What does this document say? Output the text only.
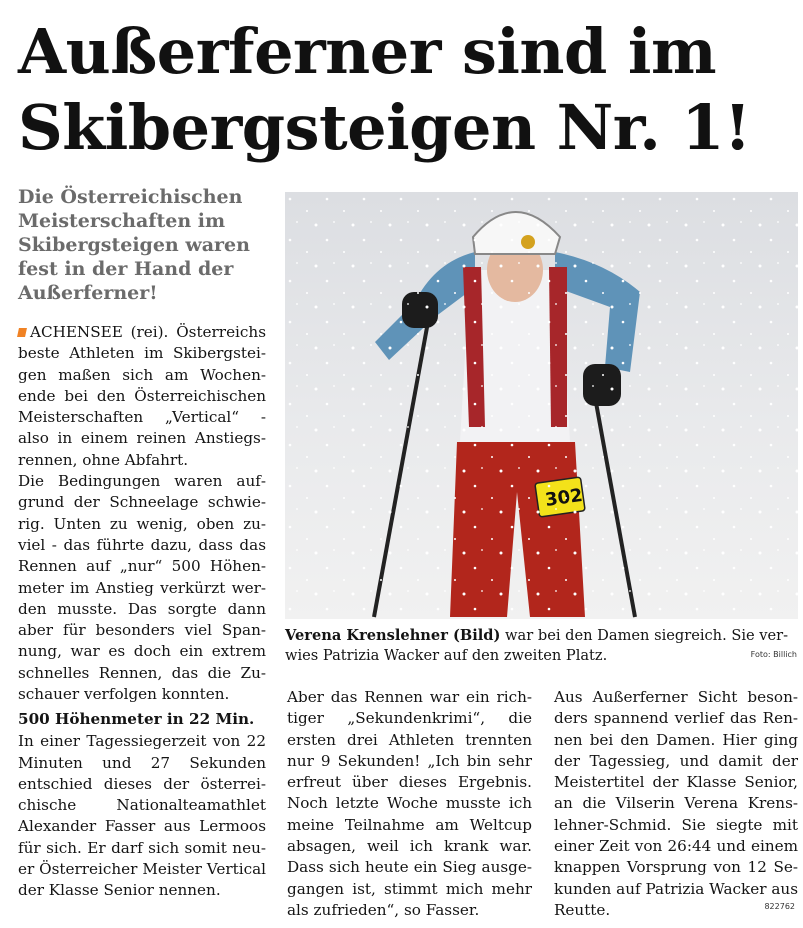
Außerferner sind im
Skibergsteigen Nr. 1!
Die Österreichischen
Meisterschaften im
Skibergsteigen waren
fest in der Hand der
Außerferner!
ACHENSEE (rei). Österreichs beste Athleten im Skibergsteigen maßen sich am Wochenende bei den Österreichischen Meisterschaften „Vertical“ - also in einem reinen Anstiegsrennen, ohne Abfahrt.
Die Bedingungen waren aufgrund der Schneelage schwierig. Unten zu wenig, oben zuviel - das führte dazu, dass das Rennen auf „nur“ 500 Höhenmeter im Anstieg verkürzt werden musste. Das sorgte dann aber für besonders viel Spannung, war es doch ein extrem schnelles Rennen, das die Zuschauer verfolgen konnten.
500 Höhenmeter in 22 Min.
In einer Tagessiegerzeit von 22 Minuten und 27 Sekunden entschied dieses der österreichische Nationalteamathlet Alexander Fasser aus Lermoos für sich. Er darf sich somit neuer Österreicher Meister Vertical der Klasse Senior nennen.
Verena Krenslehner (Bild) war bei den Damen siegreich. Sie verwies Patrizia Wacker auf den zweiten Platz.	Foto: Billich
Aber das Rennen war ein richtiger „Sekundenkrimi“, die ersten drei Athleten trennten nur 9 Sekunden! „Ich bin sehr erfreut über dieses Ergebnis. Noch letzte Woche musste ich meine Teilnahme am Weltcup absagen, weil ich krank war. Dass sich heute ein Sieg ausgegangen ist, stimmt mich mehr als zufrieden“, so Fasser.
Aus Außerferner Sicht besonders spannend verlief das Rennen bei den Damen. Hier ging der Tagessieg, und damit der Meistertitel der Klasse Senior, an die Vilserin Verena Krenslehner-Schmid. Sie siegte mit einer Zeit von 26:44 und einem knappen Vorsprung von 12 Sekunden auf Patrizia Wacker aus Reutte.	822762
